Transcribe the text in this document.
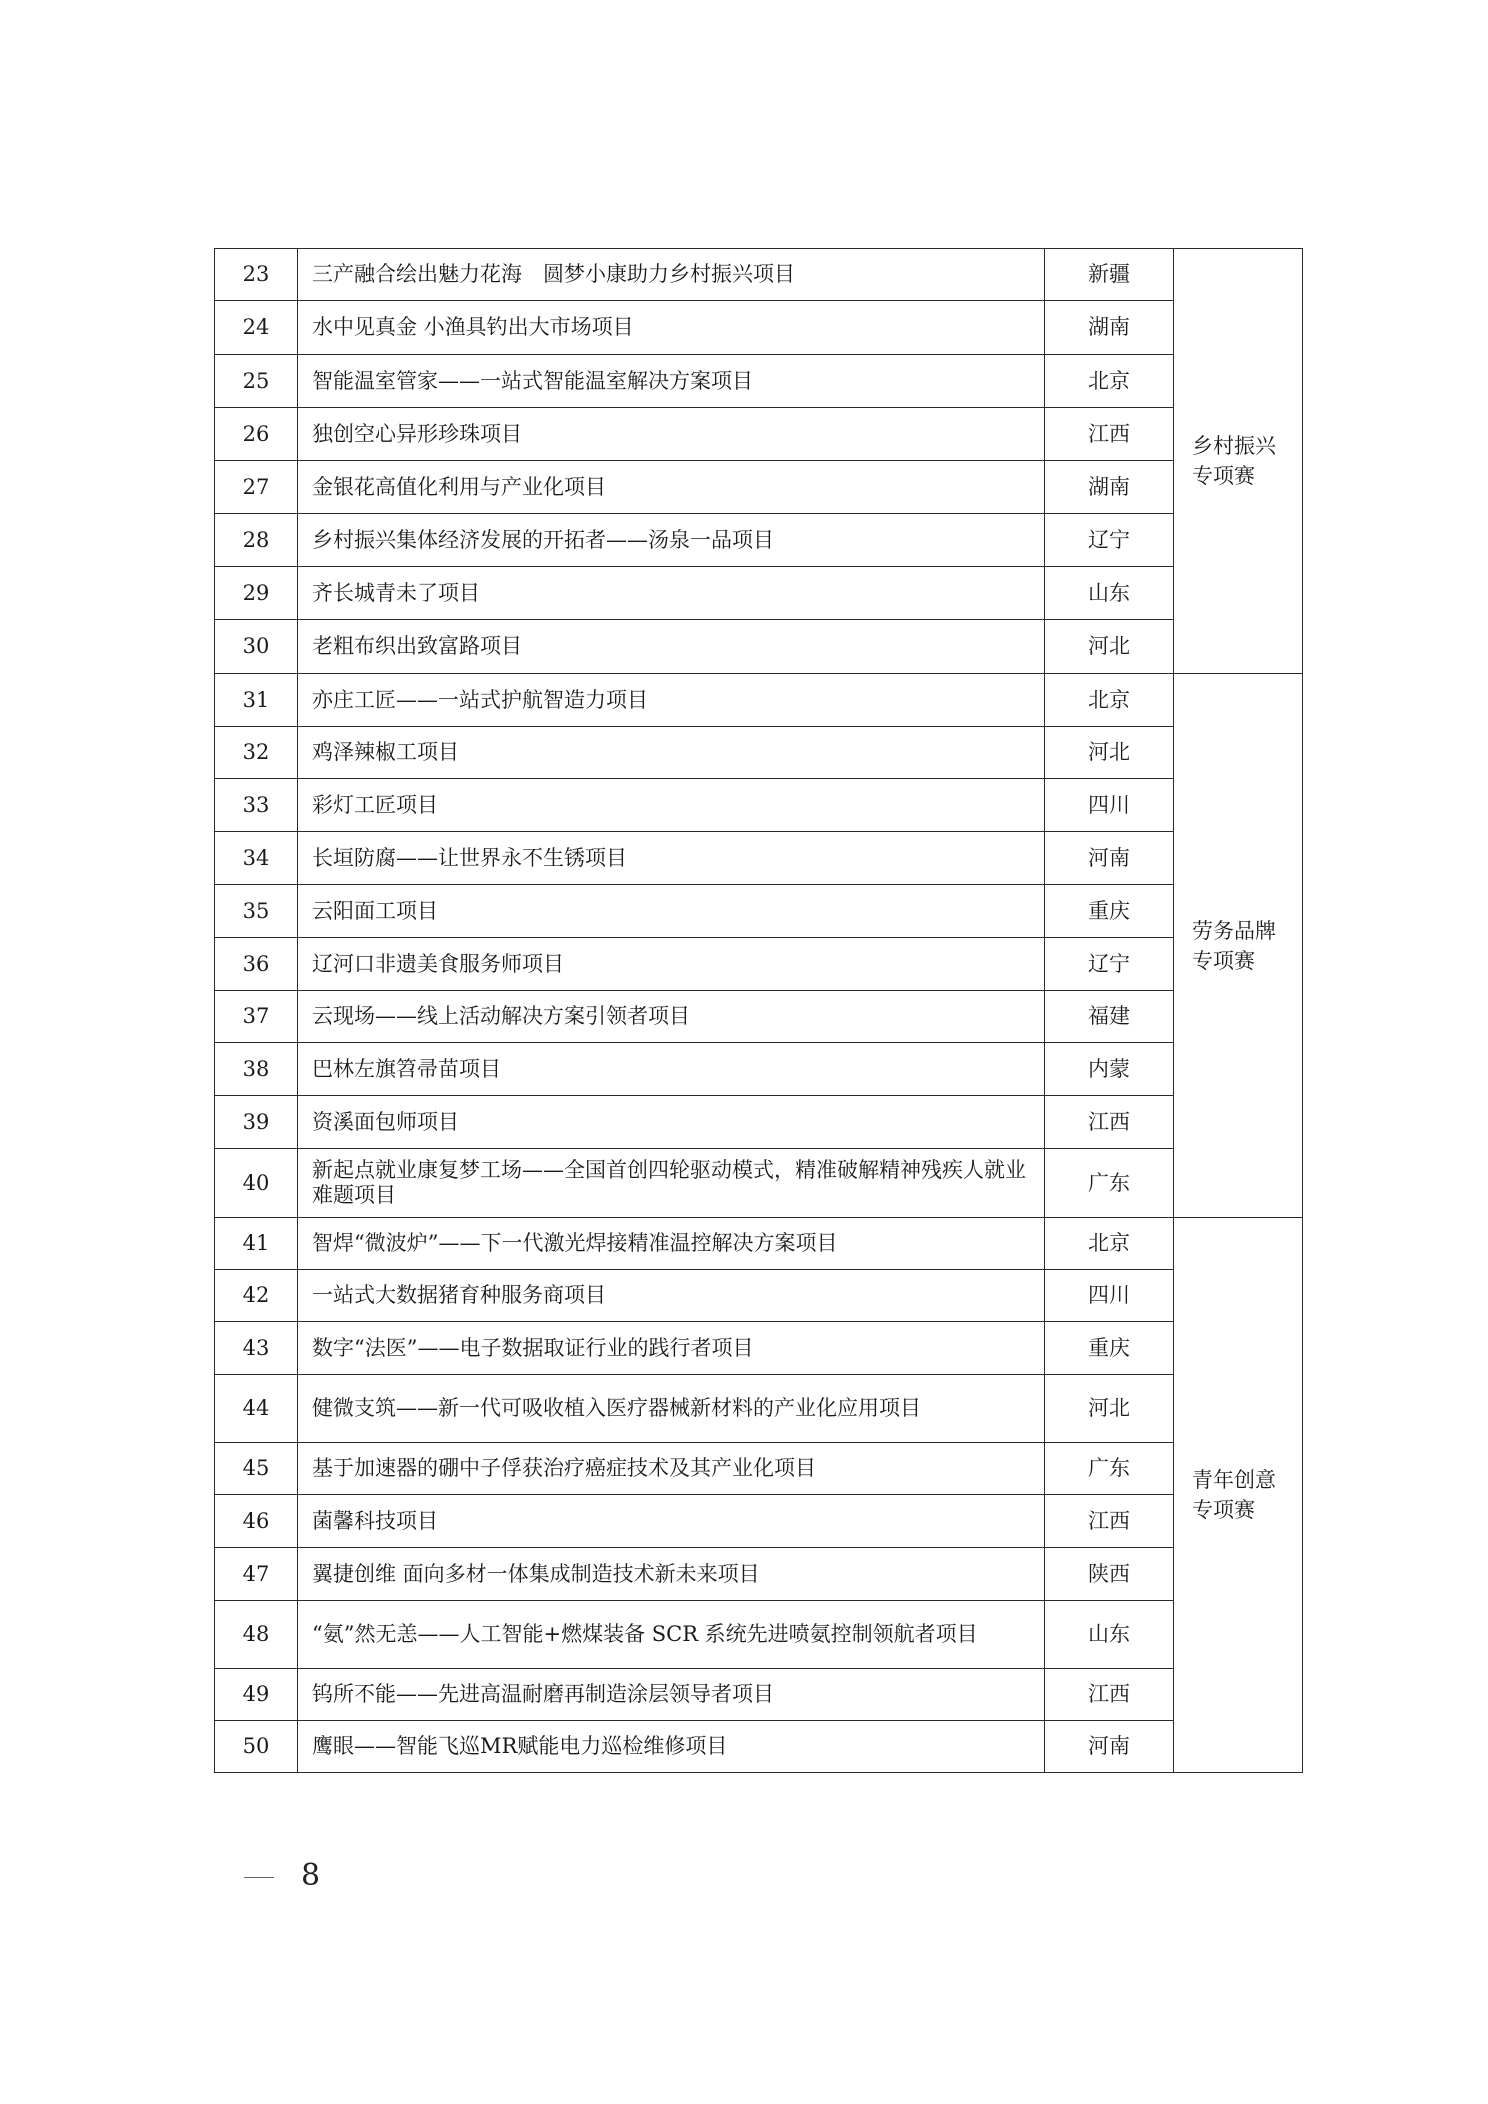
23	三产融合绘出魅力花海　圆梦小康助力乡村振兴项目	新疆	乡村振兴
专项赛

24	水中见真金 小渔具钓出大市场项目	湖南	
25	智能温室管家——一站式智能温室解决方案项目	北京	
26	独创空心异形珍珠项目	江西	
27	金银花高值化利用与产业化项目	湖南	
28	乡村振兴集体经济发展的开拓者——汤泉一品项目	辽宁	
29	齐长城青未了项目	山东	
30	老粗布织出致富路项目	河北	
31	亦庄工匠——一站式护航智造力项目	北京	劳务品牌
专项赛

32	鸡泽辣椒工项目	河北	
33	彩灯工匠项目	四川	
34	长垣防腐——让世界永不生锈项目	河南	
35	云阳面工项目	重庆	
36	辽河口非遗美食服务师项目	辽宁	
37	云现场——线上活动解决方案引领者项目	福建	
38	巴林左旗笤帚苗项目	内蒙	
39	资溪面包师项目	江西	
40	新起点就业康复梦工场——全国首创四轮驱动模式，精准破解精神残疾人就业难题项目	广东	
41	智焊“微波炉”——下一代激光焊接精准温控解决方案项目	北京	青年创意
专项赛

42	一站式大数据猪育种服务商项目	四川	
43	数字“法医”——电子数据取证行业的践行者项目	重庆	
44	健微支筑——新一代可吸收植入医疗器械新材料的产业化应用项目	河北	
45	基于加速器的硼中子俘获治疗癌症技术及其产业化项目	广东	
46	菌馨科技项目	江西	
47	翼捷创维 面向多材一体集成制造技术新未来项目	陕西	
48	“氨”然无恙——人工智能+燃煤装备 SCR 系统先进喷氨控制领航者项目	山东	
49	钨所不能——先进高温耐磨再制造涂层领导者项目	江西	
50	鹰眼——智能飞巡MR赋能电力巡检维修项目	河南	
8
